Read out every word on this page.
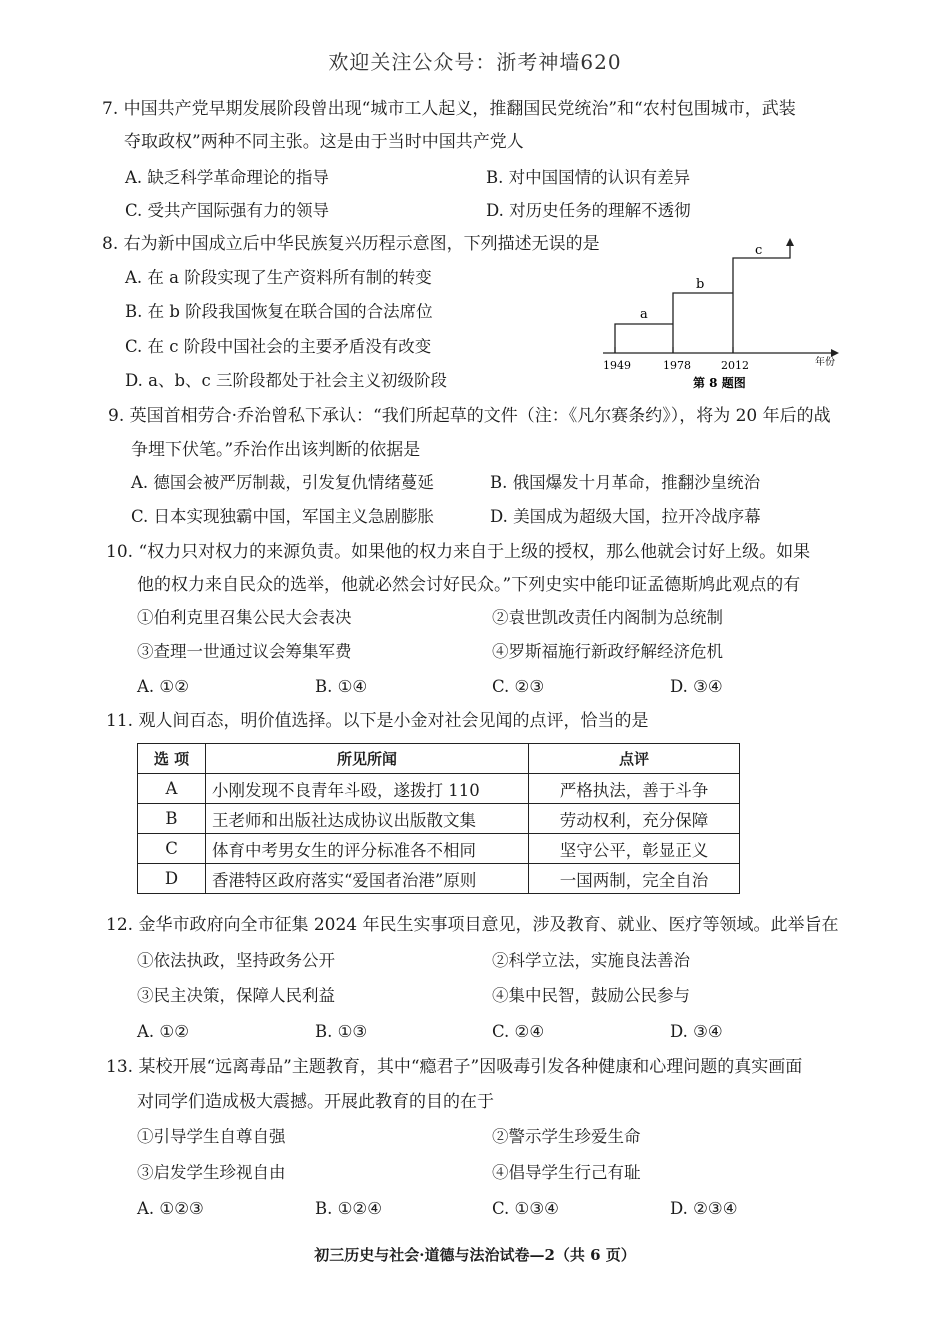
欢迎关注公众号：浙考神墙620
7. 中国共产党早期发展阶段曾出现“城市工人起义，推翻国民党统治”和“农村包围城市，武装
夺取政权”两种不同主张。这是由于当时中国共产党人
A. 缺乏科学革命理论的指导	B. 对中国国情的认识有差异
C. 受共产国际强有力的领导	D. 对历史任务的理解不透彻
8. 右为新中国成立后中华民族复兴历程示意图，下列描述无误的是
A. 在 a 阶段实现了生产资料所有制的转变
B. 在 b 阶段我国恢复在联合国的合法席位
C. 在 c 阶段中国社会的主要矛盾没有改变
D. a、b、c 三阶段都处于社会主义初级阶段
a
b
c
1949	1978	2012	年份
第 8 题图
9. 英国首相劳合·乔治曾私下承认：“我们所起草的文件（注：《凡尔赛条约》），将为 20 年后的战
争埋下伏笔。”乔治作出该判断的依据是
A. 德国会被严厉制裁，引发复仇情绪蔓延	B. 俄国爆发十月革命，推翻沙皇统治
C. 日本实现独霸中国，军国主义急剧膨胀	D. 美国成为超级大国，拉开冷战序幕
10. “权力只对权力的来源负责。如果他的权力来自于上级的授权，那么他就会讨好上级。如果
他的权力来自民众的选举，他就必然会讨好民众。”下列史实中能印证孟德斯鸠此观点的有
①伯利克里召集公民大会表决	②袁世凯改责任内阁制为总统制
③查理一世通过议会筹集军费	④罗斯福施行新政纾解经济危机
A. ①②	B. ①④	C. ②③	D. ③④
11. 观人间百态，明价值选择。以下是小金对社会见闻的点评，恰当的是
选 项	所见所闻	点评
A	小刚发现不良青年斗殴，遂拨打 110	严格执法，善于斗争
B	王老师和出版社达成协议出版散文集	劳动权利，充分保障
C	体育中考男女生的评分标准各不相同	坚守公平，彰显正义
D	香港特区政府落实“爱国者治港”原则	一国两制，完全自治
12. 金华市政府向全市征集 2024 年民生实事项目意见，涉及教育、就业、医疗等领域。此举旨在
①依法执政，坚持政务公开	②科学立法，实施良法善治
③民主决策，保障人民利益	④集中民智，鼓励公民参与
A. ①②	B. ①③	C. ②④	D. ③④
13. 某校开展“远离毒品”主题教育，其中“瘾君子”因吸毒引发各种健康和心理问题的真实画面
对同学们造成极大震撼。开展此教育的目的在于
①引导学生自尊自强	②警示学生珍爱生命
③启发学生珍视自由	④倡导学生行己有耻
A. ①②③	B. ①②④	C. ①③④	D. ②③④
初三历史与社会·道德与法治试卷—2（共 6 页）
